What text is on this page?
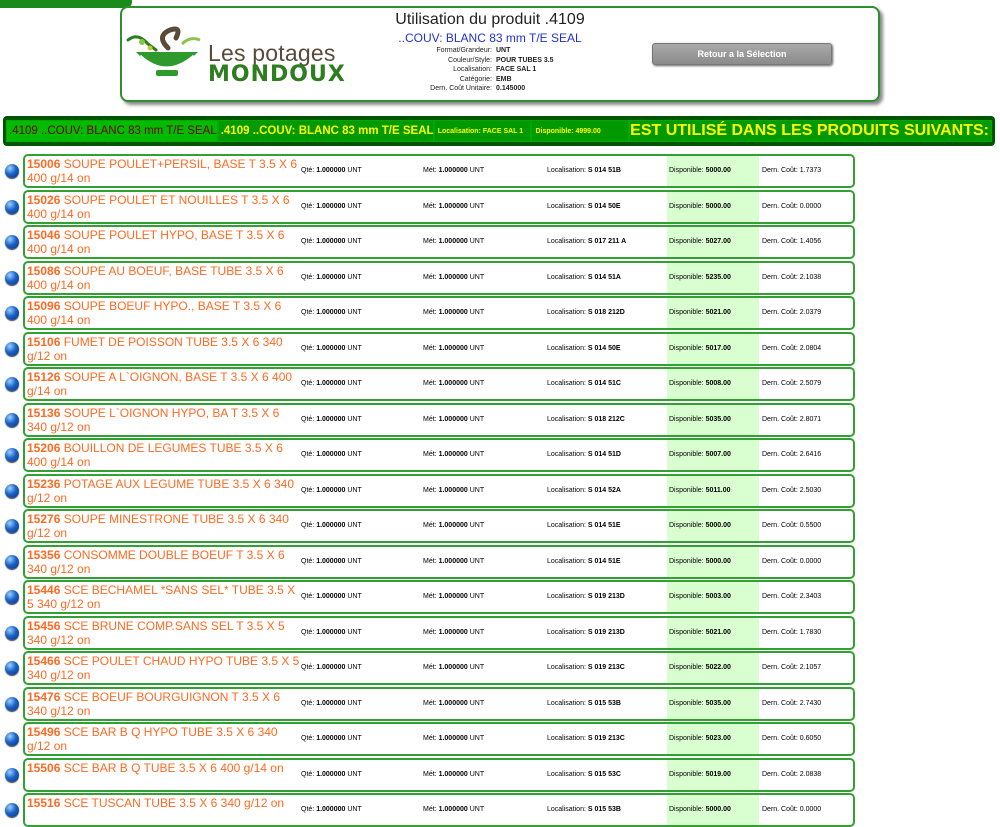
Les potages
MONDOUX
Utilisation du produit .4109
..COUV: BLANC 83 mm T/E SEAL
Format/Grandeur: UNT
Couleur/Style: POUR TUBES 3.5
Localisation: FACE SAL 1
Catégorie: EMB
Dern. Coût Unitaire: 0.145000
Retour a la Sélection
.4109 ..COUV: BLANC 83 mm T/E SEAL .4109 ..COUV: BLANC 83 mm T/E SEAL Localisation: FACE SAL 1	Disponible: 4999.00	EST UTILISÉ DANS LES PRODUITS SUIVANTS:
15006 SOUPE POULET+PERSIL, BASE T 3.5 X 6 400 g/14 on
Qté: 1.000000 UNT	Mét: 1.000000 UNT	Localisation: S 014 51B	Disponible: 5000.00	Dern. Coût: 1.7373
15026 SOUPE POULET ET NOUILLES T 3.5 X 6 400 g/14 on
Qté: 1.000000 UNT	Mét: 1.000000 UNT	Localisation: S 014 50E	Disponible: 5000.00	Dern. Coût: 0.0000
15046 SOUPE POULET HYPO, BASE T 3.5 X 6 400 g/14 on
Qté: 1.000000 UNT	Mét: 1.000000 UNT	Localisation: S 017 211 A	Disponible: 5027.00	Dern. Coût: 1.4056
15086 SOUPE AU BOEUF, BASE TUBE 3.5 X 6 400 g/14 on
Qté: 1.000000 UNT	Mét: 1.000000 UNT	Localisation: S 014 51A	Disponible: 5235.00	Dern. Coût: 2.1038
15096 SOUPE BOEUF HYPO., BASE T 3.5 X 6 400 g/14 on
Qté: 1.000000 UNT	Mét: 1.000000 UNT	Localisation: S 018 212D	Disponible: 5021.00	Dern. Coût: 2.0379
15106 FUMET DE POISSON TUBE 3.5 X 6 340 g/12 on
Qté: 1.000000 UNT	Mét: 1.000000 UNT	Localisation: S 014 50E	Disponible: 5017.00	Dern. Coût: 2.0804
15126 SOUPE A L`OIGNON, BASE T 3.5 X 6 400 g/14 on
Qté: 1.000000 UNT	Mét: 1.000000 UNT	Localisation: S 014 51C	Disponible: 5008.00	Dern. Coût: 2.5079
15136 SOUPE L`OIGNON HYPO, BA T 3.5 X 6 340 g/12 on
Qté: 1.000000 UNT	Mét: 1.000000 UNT	Localisation: S 018 212C	Disponible: 5035.00	Dern. Coût: 2.8071
15206 BOUILLON DE LEGUMES TUBE 3.5 X 6 400 g/14 on
Qté: 1.000000 UNT	Mét: 1.000000 UNT	Localisation: S 014 51D	Disponible: 5007.00	Dern. Coût: 2.6416
15236 POTAGE AUX LEGUME TUBE 3.5 X 6 340 g/12 on
Qté: 1.000000 UNT	Mét: 1.000000 UNT	Localisation: S 014 52A	Disponible: 5011.00	Dern. Coût: 2.5030
15276 SOUPE MINESTRONE TUBE 3.5 X 6 340 g/12 on
Qté: 1.000000 UNT	Mét: 1.000000 UNT	Localisation: S 014 51E	Disponible: 5000.00	Dern. Coût: 0.5500
15356 CONSOMME DOUBLE BOEUF T 3.5 X 6 340 g/12 on
Qté: 1.000000 UNT	Mét: 1.000000 UNT	Localisation: S 014 51E	Disponible: 5000.00	Dern. Coût: 0.0000
15446 SCE BECHAMEL *SANS SEL* TUBE 3.5 X 5 340 g/12 on
Qté: 1.000000 UNT	Mét: 1.000000 UNT	Localisation: S 019 213D	Disponible: 5003.00	Dern. Coût: 2.3403
15456 SCE BRUNE COMP.SANS SEL T 3.5 X 5 340 g/12 on
Qté: 1.000000 UNT	Mét: 1.000000 UNT	Localisation: S 019 213D	Disponible: 5021.00	Dern. Coût: 1.7830
15466 SCE POULET CHAUD HYPO TUBE 3.5 X 5 340 g/12 on
Qté: 1.000000 UNT	Mét: 1.000000 UNT	Localisation: S 019 213C	Disponible: 5022.00	Dern. Coût: 2.1057
15476 SCE BOEUF BOURGUIGNON T 3.5 X 6 340 g/12 on
Qté: 1.000000 UNT	Mét: 1.000000 UNT	Localisation: S 015 53B	Disponible: 5035.00	Dern. Coût: 2.7430
15496 SCE BAR B Q HYPO TUBE 3.5 X 6 340 g/12 on
Qté: 1.000000 UNT	Mét: 1.000000 UNT	Localisation: S 019 213C	Disponible: 5023.00	Dern. Coût: 0.6050
15506 SCE BAR B Q TUBE 3.5 X 6 400 g/14 on	Qté: 1.000000 UNT	Mét: 1.000000 UNT	Localisation: S 015 53C	Disponible: 5019.00	Dern. Coût: 2.0838
15516 SCE TUSCAN TUBE 3.5 X 6 340 g/12 on	Qté: 1.000000 UNT	Mét: 1.000000 UNT	Localisation: S 015 53B	Disponible: 5000.00	Dern. Coût: 0.0000
